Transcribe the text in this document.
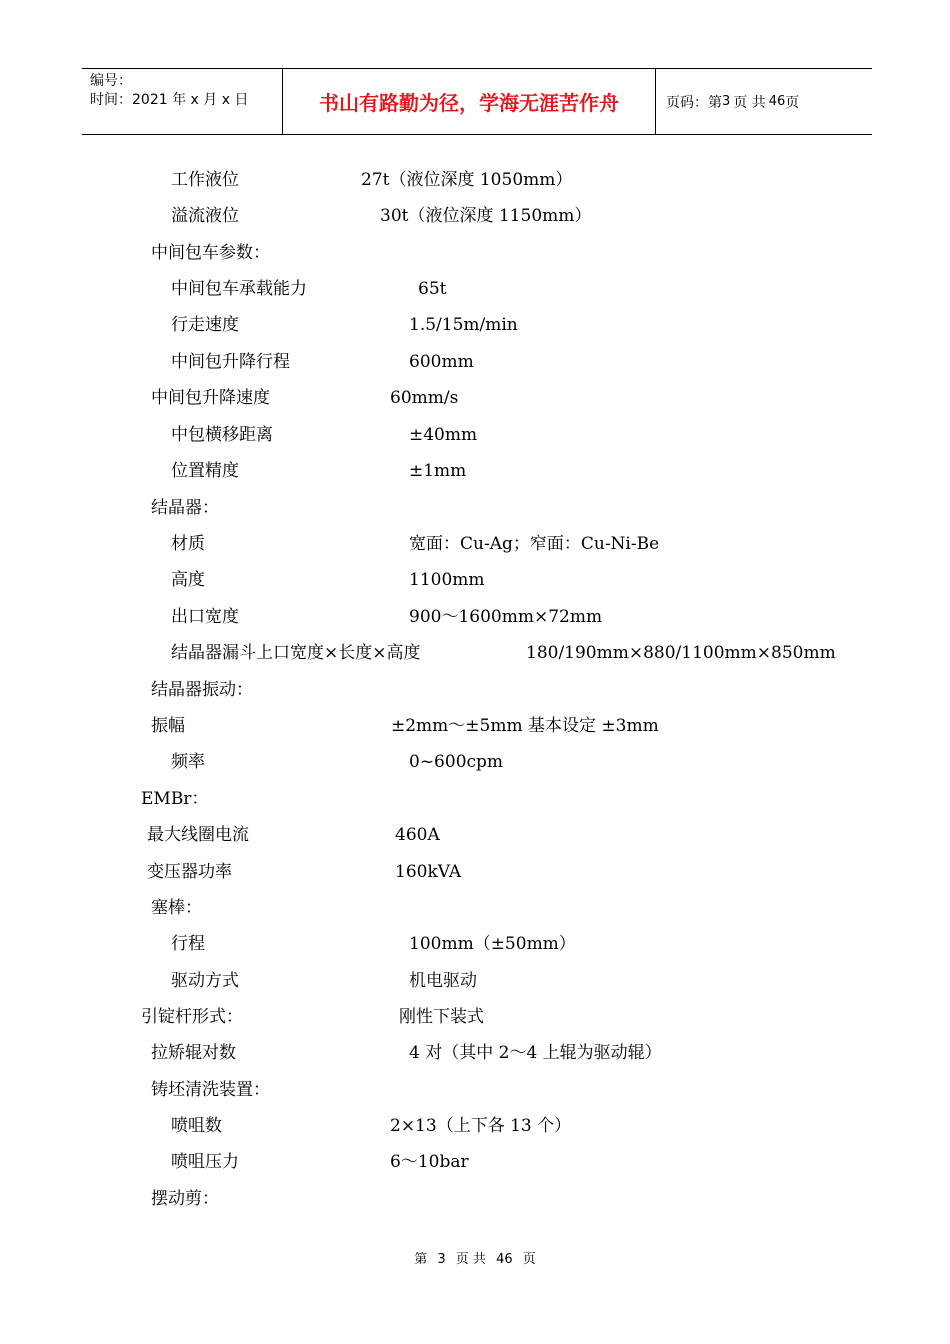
编号：
时间：2021 年 x 月 x 日	书山有路勤为径，学海无涯苦作舟	页码：第 3 页 共 46 页
工作液位	27t（液位深度 1050mm）
溢流液位	30t（液位深度 1150mm）
中间包车参数：
中间包车承载能力	65t
行走速度	1.5/15m/min
中间包升降行程	600mm
中间包升降速度	60mm/s
中包横移距离	±40mm
位置精度	±1mm
结晶器：
材质	宽面：Cu-Ag；窄面：Cu-Ni-Be
高度	1100mm
出口宽度	900～1600mm×72mm
结晶器漏斗上口宽度×长度×高度	180/190mm×880/1100mm×850mm
结晶器振动：
振幅	±2mm～±5mm 基本设定 ±3mm
频率	0~600cpm
EMBr：
最大线圈电流	460A
变压器功率	160kVA
塞棒：
行程	100mm（±50mm）
驱动方式	机电驱动
引锭杆形式：	刚性下装式
拉矫辊对数	4 对（其中 2～4 上辊为驱动辊）
铸坯清洗装置：
喷咀数	2×13（上下各 13 个）
喷咀压力	6～10bar
摆动剪：
第 3 页 共 46 页
